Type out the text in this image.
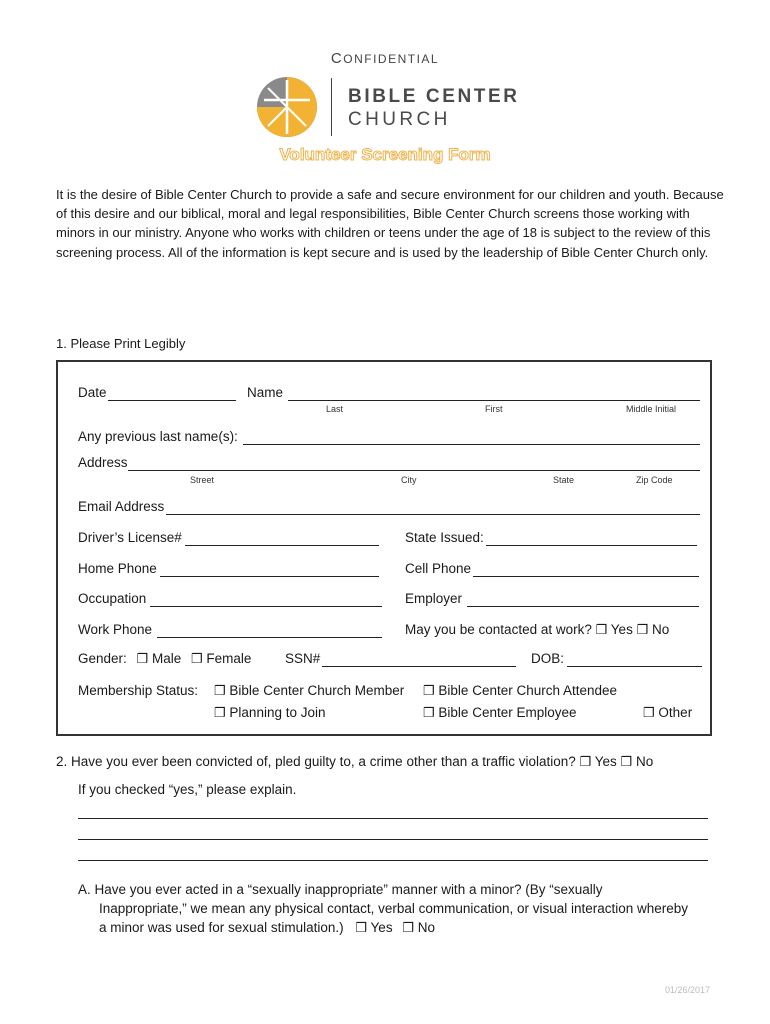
CONFIDENTIAL
BIBLE CENTER
CHURCH
Volunteer Screening Form
It is the desire of Bible Center Church to provide a safe and secure environment for our children and youth. Because of this desire and our biblical, moral and legal responsibilities, Bible Center Church screens those working with minors in our ministry. Anyone who works with children or teens under the age of 18 is subject to the review of this screening process. All of the information is kept secure and is used by the leadership of Bible Center Church only.
1. Please Print Legibly
Date	Name
Last	First	Middle Initial
Any previous last name(s):
Address
Street	City	State	Zip Code
Email Address
Driver’s License#	State Issued:
Home Phone	Cell Phone
Occupation	Employer
Work Phone	May you be contacted at work? ❒ Yes ❒ No
Gender: ❒ Male ❒ Female SSN#	DOB:
Membership Status: ❒ Bible Center Church Member ❒ Bible Center Church Attendee
❒ Planning to Join	❒ Bible Center Employee	❒ Other
2. Have you ever been convicted of, pled guilty to, a crime other than a traffic violation? ❒ Yes ❒ No
If you checked “yes,” please explain.
A. Have you ever acted in a “sexually inappropriate” manner with a minor? (By “sexually
Inappropriate,” we mean any physical contact, verbal communication, or visual interaction whereby
a minor was used for sexual stimulation.) ❒ Yes ❒ No
01/26/2017
